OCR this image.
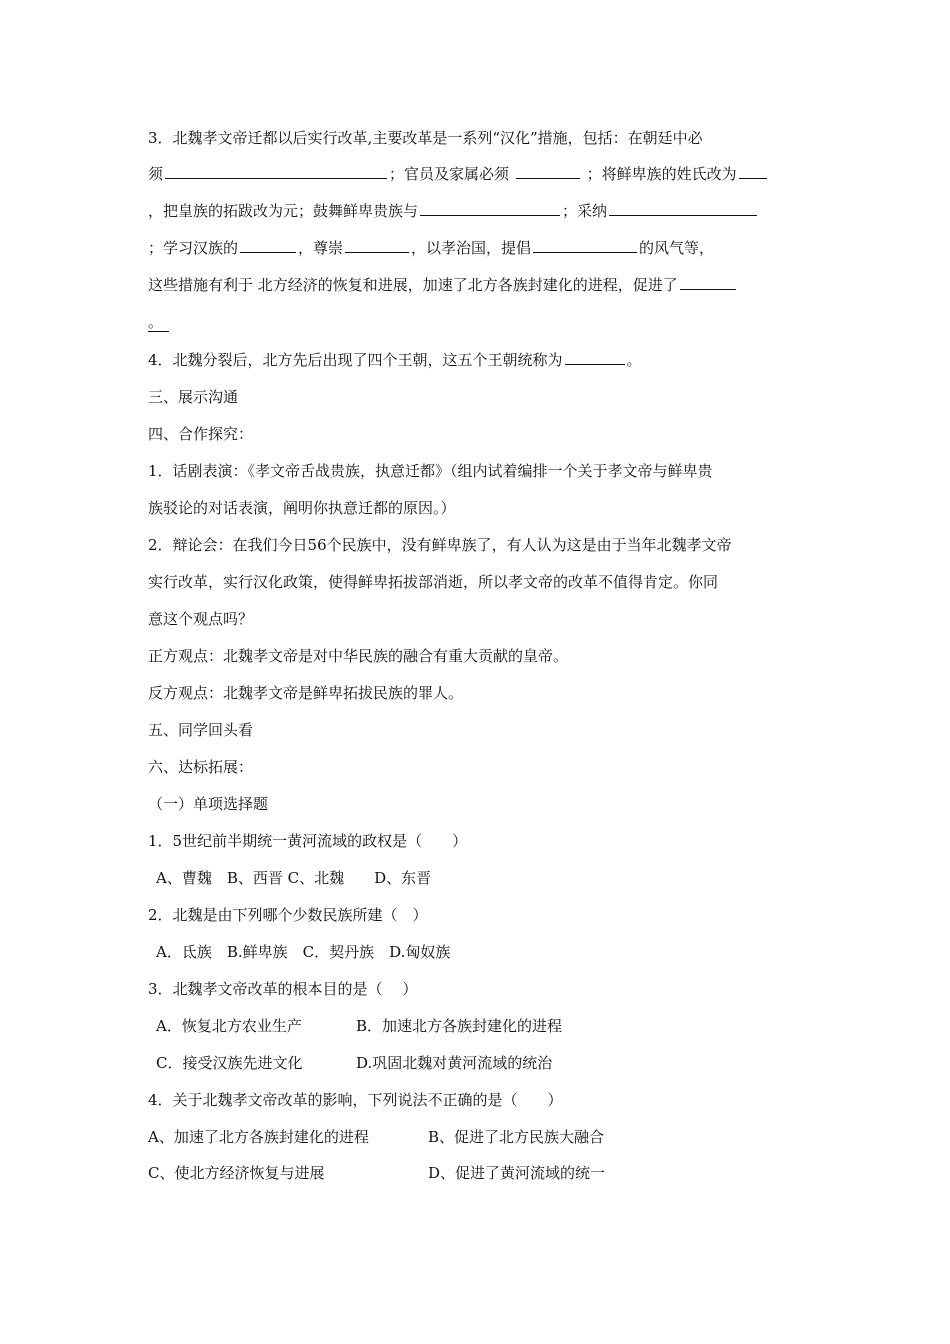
3．北魏孝文帝迁都以后实行改革,主要改革是一系列“汉化”措施，包括：在朝廷中必
须	；官员及家属必须	；将鲜卑族的姓氏改为
，把皇族的拓跋改为元；鼓舞鲜卑贵族与	；采纳
；学习汉族的	，尊崇	，以孝治国，提倡	的风气等，
这些措施有利于 北方经济的恢复和进展，加速了北方各族封建化的进程，促进了
。
4．北魏分裂后，北方先后出现了四个王朝，这五个王朝统称为	。
三、展示沟通
四、合作探究：
1．话剧表演：《孝文帝舌战贵族，执意迁都》（组内试着编排一个关于孝文帝与鲜卑贵
族驳论的对话表演，阐明你执意迁都的原因。）
2．辩论会：在我们今日56个民族中，没有鲜卑族了，有人认为这是由于当年北魏孝文帝
实行改革，实行汉化政策，使得鲜卑拓拔部消逝，所以孝文帝的改革不值得肯定。你同
意这个观点吗？
正方观点：北魏孝文帝是对中华民族的融合有重大贡献的皇帝。
反方观点：北魏孝文帝是鲜卑拓拔民族的罪人。
五、同学回头看
六、达标拓展：
（一）单项选择题
1．5世纪前半期统一黄河流域的政权是（　　）
A、曹魏　B、西晋 C、北魏　　D、东晋
2．北魏是由下列哪个少数民族所建（　）
A．氐族　B.鲜卑族　C．契丹族　D.匈奴族
3．北魏孝文帝改革的根本目的是（　 ）
A．恢复北方农业生产	B．加速北方各族封建化的进程
C．接受汉族先进文化	D.巩固北魏对黄河流域的统治
4．关于北魏孝文帝改革的影响，下列说法不正确的是（　　）
A、加速了北方各族封建化的进程	B、促进了北方民族大融合
C、使北方经济恢复与进展	D、促进了黄河流域的统一
